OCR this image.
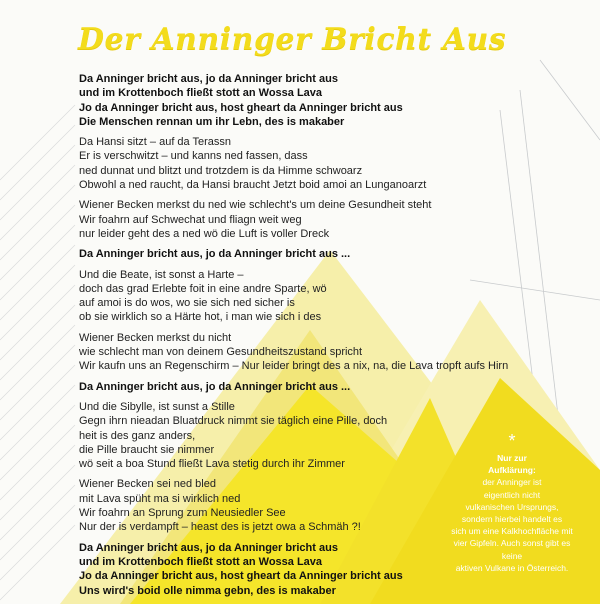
Der Anninger Bricht Aus
Da Anninger bricht aus, jo da Anninger bricht aus
und im Krottenboch fließt stott an Wossa Lava
Jo da Anninger bricht aus, host gheart da Anninger bricht aus
Die Menschen rennan um ihr Lebn, des is makaber
Da Hansi sitzt – auf da Terassn
Er is verschwitzt – und kanns ned fassen, dass
ned dunnat und blitzt und trotzdem is da Himme schwoarz
Obwohl a ned raucht, da Hansi braucht Jetzt boid amoi an Lunganoarzt
Wiener Becken merkst du ned wie schlecht's um deine Gesundheit steht
Wir foahrn auf Schwechat und fliagn weit weg
nur leider geht des a ned wö die Luft is voller Dreck
Da Anninger bricht aus, jo da Anninger bricht aus ...
Und die Beate, ist sonst a Harte –
doch das grad Erlebte foit in eine andre Sparte, wö
auf amoi is do wos, wo sie sich ned sicher is
ob sie wirklich so a Härte hot, i man wie sich i des
Wiener Becken merkst du nicht
wie schlecht man von deinem Gesundheitszustand spricht
Wir kaufn uns an Regenschirm – Nur leider bringt des a nix, na, die Lava tropft aufs Hirn
Da Anninger bricht aus, jo da Anninger bricht aus ...
Und die Sibylle, ist sunst a Stille
Gegn ihrn nieadan Bluatdruck nimmt sie täglich eine Pille, doch
heit is des ganz anders,
die Pille braucht sie nimmer
wö seit a boa Stund fließt Lava stetig durch ihr Zimmer
Wiener Becken sei ned bled
mit Lava spüht ma si wirklich ned
Wir foahrn an Sprung zum Neusiedler See
Nur der is verdampft – heast des is jetzt owa a Schmäh ?!
Da Anninger bricht aus, jo da Anninger bricht aus
und im Krottenboch fließt stott an Wossa Lava
Jo da Anninger bricht aus, host gheart da Anninger bricht aus
Uns wird's boid olle nimma gebn, des is makaber
*
Nur zur
Aufklärung:
der Anninger ist
eigentlich nicht
vulkanischen Ursprungs,
sondern hierbei handelt es
sich um eine Kalkhochfläche mit
vier Gipfeln. Auch sonst gibt es keine
aktiven Vulkane in Österreich.
